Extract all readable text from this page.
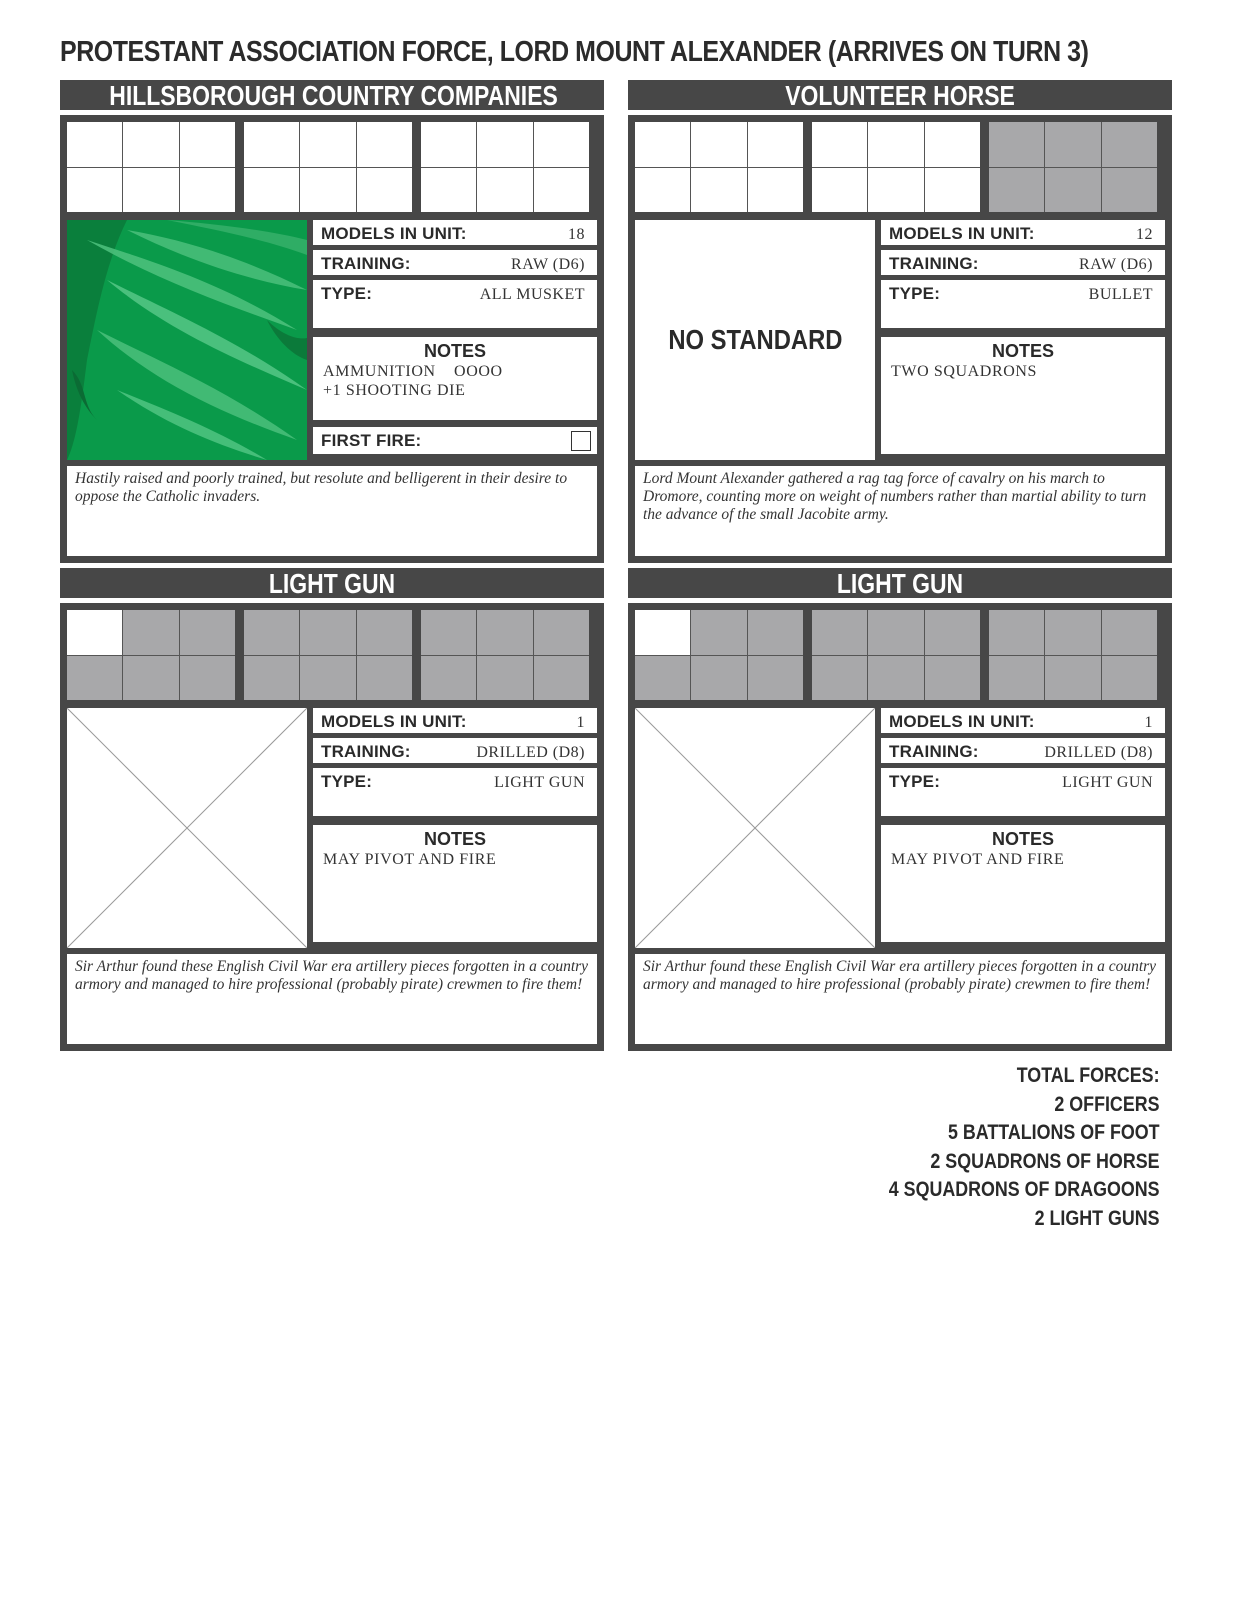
PROTESTANT ASSOCIATION FORCE, LORD MOUNT ALEXANDER (ARRIVES ON TURN 3)
HILLSBOROUGH COUNTRY COMPANIES
MODELS IN UNIT:	18
TRAINING:	RAW (D6)
TYPE:	ALL MUSKET
NOTES
AMMUNITION    OOOO
+1 SHOOTING DIE
FIRST FIRE:
Hastily raised and poorly trained, but resolute and belligerent in their desire to oppose the Catholic invaders.
VOLUNTEER HORSE
NO STANDARD
MODELS IN UNIT:	12
TRAINING:	RAW (D6)
TYPE:	BULLET
NOTES
TWO SQUADRONS
Lord Mount Alexander gathered a rag tag force of cavalry on his march to Dromore, counting more on weight of numbers rather than martial ability to turn the advance of the small Jacobite army.
LIGHT GUN
MODELS IN UNIT:	1
TRAINING:	DRILLED (D8)
TYPE:	LIGHT GUN
NOTES
MAY PIVOT AND FIRE
Sir Arthur found these English Civil War era artillery pieces forgotten in a country armory and managed to hire professional (probably pirate) crewmen to fire them!
LIGHT GUN
MODELS IN UNIT:	1
TRAINING:	DRILLED (D8)
TYPE:	LIGHT GUN
NOTES
MAY PIVOT AND FIRE
Sir Arthur found these English Civil War era artillery pieces forgotten in a country armory and managed to hire professional (probably pirate) crewmen to fire them!
TOTAL FORCES:
2 OFFICERS
5 BATTALIONS OF FOOT
2 SQUADRONS OF HORSE
4 SQUADRONS OF DRAGOONS
2 LIGHT GUNS
